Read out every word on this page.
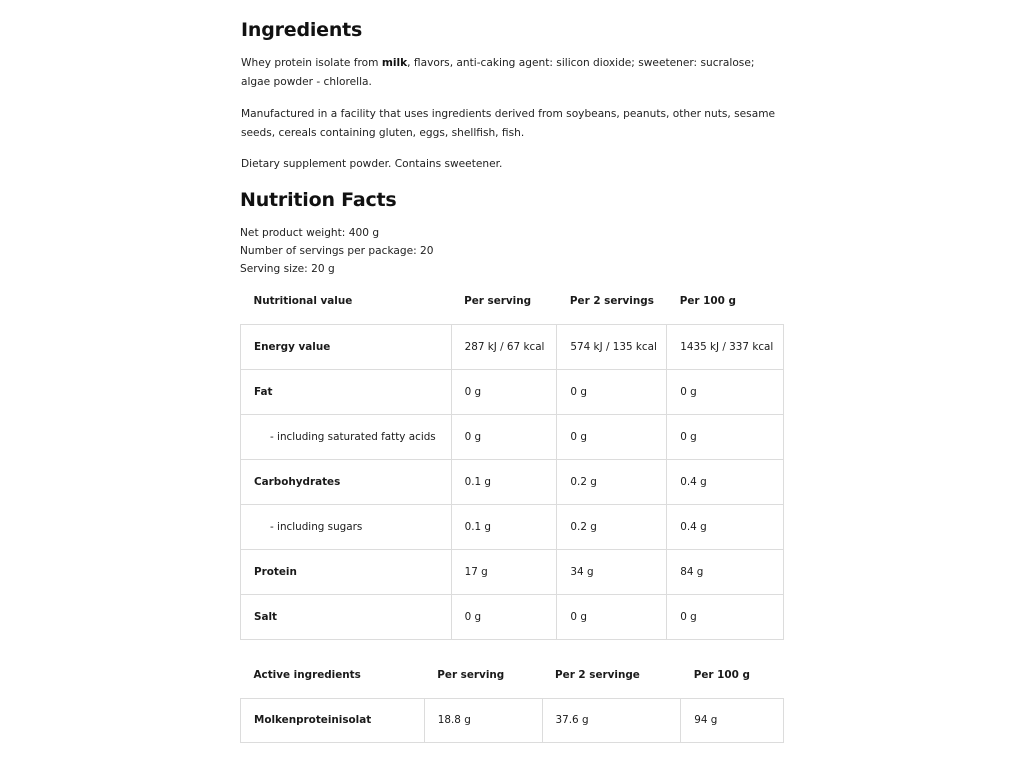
Ingredients

Whey protein isolate from milk, flavors, anti-caking agent: silicon dioxide; sweetener: sucralose; algae powder - chlorella.

Manufactured in a facility that uses ingredients derived from soybeans, peanuts, other nuts, sesame seeds, cereals containing gluten, eggs, shellfish, fish.

Dietary supplement powder. Contains sweetener.

Nutrition Facts
Net product weight: 400 g
Number of servings per package: 20
Serving size: 20 g
Nutritional value	Per serving	Per 2 servings	Per 100 g
Energy value	287 kJ / 67 kcal	574 kJ / 135 kcal	1435 kJ / 337 kcal
Fat	0 g	0 g	0 g
- including saturated fatty acids	0 g	0 g	0 g
Carbohydrates	0.1 g	0.2 g	0.4 g
- including sugars	0.1 g	0.2 g	0.4 g
Protein	17 g	34 g	84 g
Salt	0 g	0 g	0 g
Active ingredients	Per serving	Per 2 servinge	Per 100 g
Molkenproteinisolat	18.8 g	37.6 g	94 g
